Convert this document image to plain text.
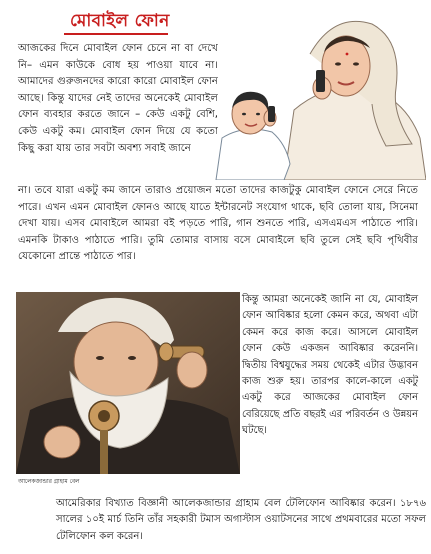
মোবাইল ফোন

আজকের দিনে মোবাইল ফোন চেনে না বা দেখে নি– এমন কাউকে বোধ হয় পাওয়া যাবে না। আমাদের গুরুজনদের কারো কারো মোবাইল ফোন আছে। কিন্তু যাদের নেই তাদের অনেকেই মোবাইল ফোন ব্যবহার করতে জানে – কেউ একটু বেশি, কেউ একটু কম। মোবাইল ফোন দিয়ে যে কতো কিছু করা যায় তার সবটা অবশ্য সবাই জানে

না। তবে যারা একটু কম জানে তারাও প্রয়োজন মতো তাদের কাজটুকু মোবাইল ফোনে সেরে নিতে পারে। এখন এমন মোবাইল ফোনও আছে যাতে ইন্টারনেট সংযোগ থাকে, ছবি তোলা যায়, সিনেমা দেখা যায়। এসব মোবাইলে আমরা বই পড়তে পারি, গান শুনতে পারি, এসএমএস পাঠাতে পারি। এমনকি টাকাও পাঠাতে পারি। তুমি তোমার বাসায় বসে মোবাইলে ছবি তুলে সেই ছবি পৃথিবীর যেকোনো প্রান্তে পাঠাতে পার।

আলেকজান্ডার গ্রাহাম বেল

কিন্তু আমরা অনেকেই জানি না যে, মোবাইল ফোন আবিষ্কার হলো কেমন করে, অথবা এটা কেমন করে কাজ করে। আসলে মোবাইল ফোন কেউ একজন আবিষ্কার করেননি। দ্বিতীয় বিশ্বযুদ্ধের সময় থেকেই এটার উদ্ভাবন কাজ শুরু হয়। তারপর কালে-কালে একটু একটু করে আজকের মোবাইল ফোন বেরিয়েছে প্রতি বছরই এর পরিবর্তন ও উন্নয়ন ঘটছে।

আমেরিকার বিখ্যাত বিজ্ঞানী আলেকজান্ডার গ্রাহাম বেল টেলিফোন আবিষ্কার করেন। ১৮৭৬ সালের ১০ই মার্চ তিনি তাঁর সহকারী টমাস অগাস্টাস ওয়াটসনের সাথে প্রথমবারের মতো সফল টেলিফোন কল করেন।
